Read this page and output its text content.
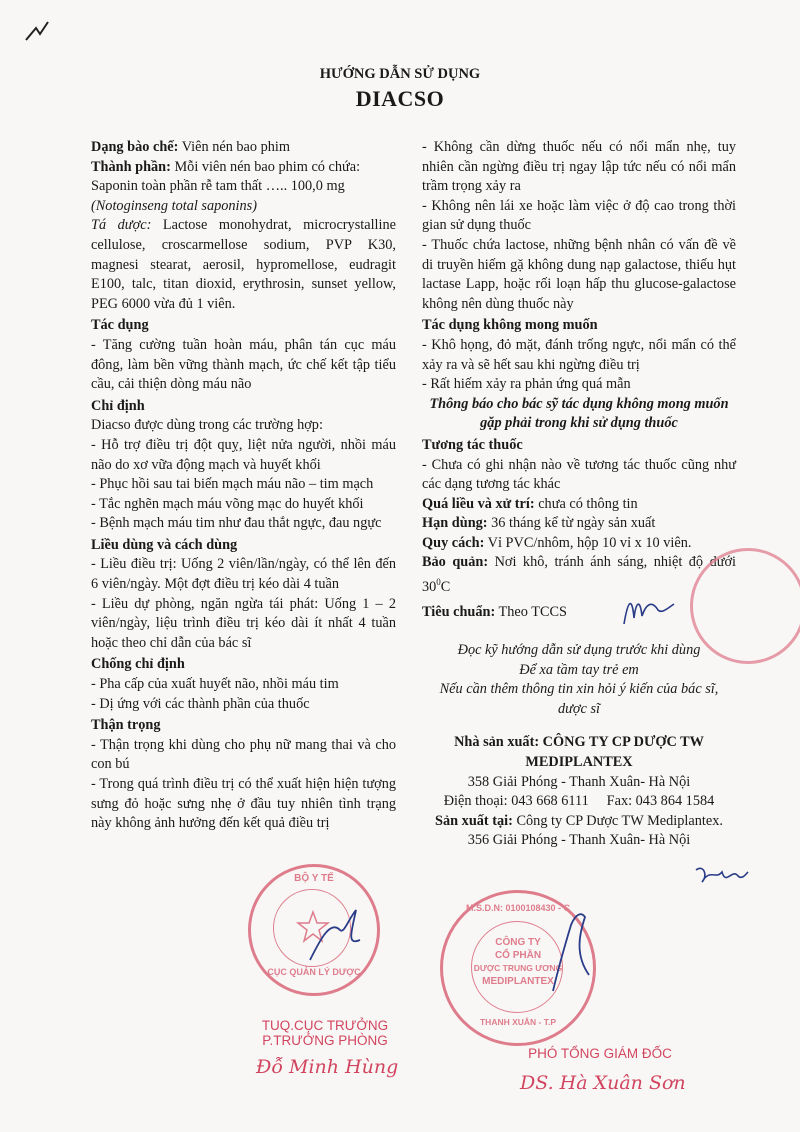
HƯỚNG DẪN SỬ DỤNG
DIACSO

Dạng bào chế: Viên nén bao phim

Thành phần: Mỗi viên nén bao phim có chứa:

Saponin toàn phần rễ tam thất ….. 100,0 mg

(Notoginseng total saponins)

Tá dược: Lactose monohydrat, microcrystalline cellulose, croscarmellose sodium, PVP K30, magnesi stearat, aerosil, hypromellose, eudragit E100, talc, titan dioxid, erythrosin, sunset yellow, PEG 6000 vừa đủ 1 viên.

Tác dụng

- Tăng cường tuần hoàn máu, phân tán cục máu đông, làm bền vững thành mạch, ức chế kết tập tiểu cầu, cải thiện dòng máu não

Chỉ định

Diacso được dùng trong các trường hợp:

- Hỗ trợ điều trị đột quỵ, liệt nửa người, nhồi máu não do xơ vữa động mạch và huyết khối

- Phục hồi sau tai biến mạch máu não – tim mạch

- Tắc nghẽn mạch máu võng mạc do huyết khối

- Bệnh mạch máu tim như đau thắt ngực, đau ngực

Liều dùng và cách dùng

- Liều điều trị: Uống 2 viên/lần/ngày, có thể lên đến 6 viên/ngày. Một đợt điều trị kéo dài 4 tuần

- Liều dự phòng, ngăn ngừa tái phát: Uống 1 – 2 viên/ngày, liệu trình điều trị kéo dài ít nhất 4 tuần hoặc theo chỉ dẫn của bác sĩ

Chống chỉ định

- Pha cấp của xuất huyết não, nhồi máu tim

- Dị ứng với các thành phần của thuốc

Thận trọng

- Thận trọng khi dùng cho phụ nữ mang thai và cho con bú

- Trong quá trình điều trị có thể xuất hiện hiện tượng sưng đỏ hoặc sưng nhẹ ở đầu tuy nhiên tình trạng này không ảnh hưởng đến kết quả điều trị

- Không cần dừng thuốc nếu có nổi mẩn nhẹ, tuy nhiên cần ngừng điều trị ngay lập tức nếu có nổi mẩn trầm trọng xảy ra

- Không nên lái xe hoặc làm việc ở độ cao trong thời gian sử dụng thuốc

- Thuốc chứa lactose, những bệnh nhân có vấn đề về di truyền hiếm gặ không dung nạp galactose, thiếu hụt lactase Lapp, hoặc rối loạn hấp thu glucose-galactose không nên dùng thuốc này

Tác dụng không mong muốn

- Khô họng, đỏ mặt, đánh trống ngực, nổi mẩn có thể xảy ra và sẽ hết sau khi ngừng điều trị

- Rất hiếm xảy ra phản ứng quá mẫn

Thông báo cho bác sỹ tác dụng không mong muốn gặp phải trong khi sử dụng thuốc

Tương tác thuốc

- Chưa có ghi nhận nào về tương tác thuốc cũng như các dạng tương tác khác

Quá liều và xử trí: chưa có thông tin

Hạn dùng: 36 tháng kể từ ngày sản xuất

Quy cách: Vỉ PVC/nhôm, hộp 10 vỉ x 10 viên.

Bảo quản: Nơi khô, tránh ánh sáng, nhiệt độ dưới $30^0C$

Tiêu chuẩn: Theo TCCS

Đọc kỹ hướng dẫn sử dụng trước khi dùng

Để xa tầm tay trẻ em

Nếu cần thêm thông tin xin hỏi ý kiến của bác sĩ, dược sĩ

Nhà sản xuất: CÔNG TY CP DƯỢC TW MEDIPLANTEX

358 Giải Phóng - Thanh Xuân- Hà Nội

Điện thoại: 043 668 6111 Fax: 043 864 1584

Sản xuất tại: Công ty CP Dược TW Mediplantex.

356 Giải Phóng - Thanh Xuân- Hà Nội

BỘ Y TẾ
CỤC QUẢN LÝ DƯỢC
TUQ.CỤC TRƯỞNG
P.TRƯỞNG PHÒNG
Đỗ Minh Hùng
M.S.D.N: 0100108430 - C
CÔNG TY
CỔ PHẦN
DƯỢC TRUNG ƯƠNG
MEDIPLANTEX
THANH XUÂN - T.P
PHÓ TỔNG GIÁM ĐỐC
DS. Hà Xuân Sơn
